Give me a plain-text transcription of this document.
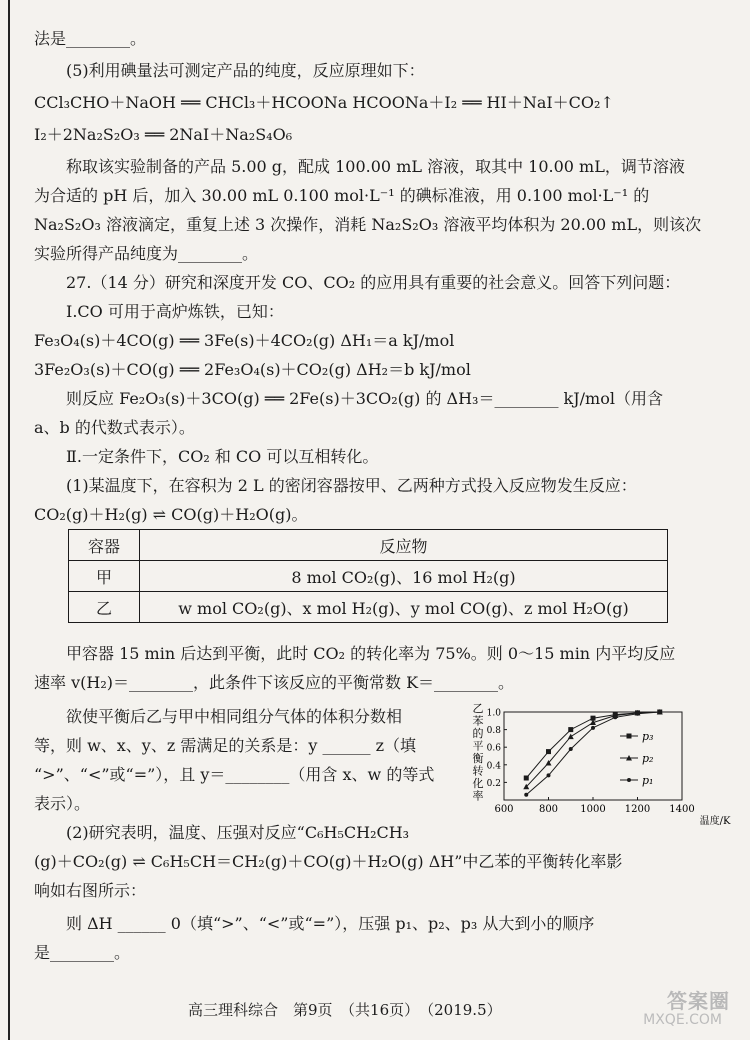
法是________。
(5)利用碘量法可测定产品的纯度，反应原理如下：
CCl₃CHO＋NaOH ══ CHCl₃＋HCOONa HCOONa＋I₂ ══ HI＋NaI＋CO₂↑
I₂＋2Na₂S₂O₃ ══ 2NaI＋Na₂S₄O₆
称取该实验制备的产品 5.00 g，配成 100.00 mL 溶液，取其中 10.00 mL，调节溶液
为合适的 pH 后，加入 30.00 mL 0.100 mol·L⁻¹ 的碘标准液，用 0.100 mol·L⁻¹ 的
Na₂S₂O₃ 溶液滴定，重复上述 3 次操作，消耗 Na₂S₂O₃ 溶液平均体积为 20.00 mL，则该次
实验所得产品纯度为________。
27.（14 分）研究和深度开发 CO、CO₂ 的应用具有重要的社会意义。回答下列问题：
Ⅰ.CO 可用于高炉炼铁，已知：
Fe₃O₄(s)＋4CO(g) ══ 3Fe(s)＋4CO₂(g) ΔH₁＝a kJ/mol
3Fe₂O₃(s)＋CO(g) ══ 2Fe₃O₄(s)＋CO₂(g) ΔH₂＝b kJ/mol
则反应 Fe₂O₃(s)＋3CO(g) ══ 2Fe(s)＋3CO₂(g) 的 ΔH₃＝________ kJ/mol（用含
a、b 的代数式表示）。
Ⅱ.一定条件下，CO₂ 和 CO 可以互相转化。
(1)某温度下，在容积为 2 L 的密闭容器按甲、乙两种方式投入反应物发生反应：
CO₂(g)＋H₂(g) ⇌ CO(g)＋H₂O(g)。
容器	反应物
甲	8 mol CO₂(g)、16 mol H₂(g)
乙	w mol CO₂(g)、x mol H₂(g)、y mol CO(g)、z mol H₂O(g)
甲容器 15 min 后达到平衡，此时 CO₂ 的转化率为 75%。则 0～15 min 内平均反应
速率 v(H₂)＝________，此条件下该反应的平衡常数 K＝________。
欲使平衡后乙与甲中相同组分气体的体积分数相
等，则 w、x、y、z 需满足的关系是：y ______ z（填
“>”、“<”或“=”），且 y＝________（用含 x、w 的等式
表示）。
(2)研究表明，温度、压强对反应“C₆H₅CH₂CH₃
(g)＋CO₂(g) ⇌ C₆H₅CH＝CH₂(g)＋CO(g)＋H₂O(g) ΔH”中乙苯的平衡转化率影
响如右图所示：
则 ΔH ______ 0（填“>”、“<”或“=”），压强 p₁、p₂、p₃ 从大到小的顺序
是________。
乙
苯
的
平
衡
转
化
率
600	800 1000 1200 1400
0.2
0.4
0.6
0.8
1.0
温度/K
p₃
p₂
p₁
高三理科综合　第9页　（共16页）　（2019.5）	答案圈
MXQE.COM
